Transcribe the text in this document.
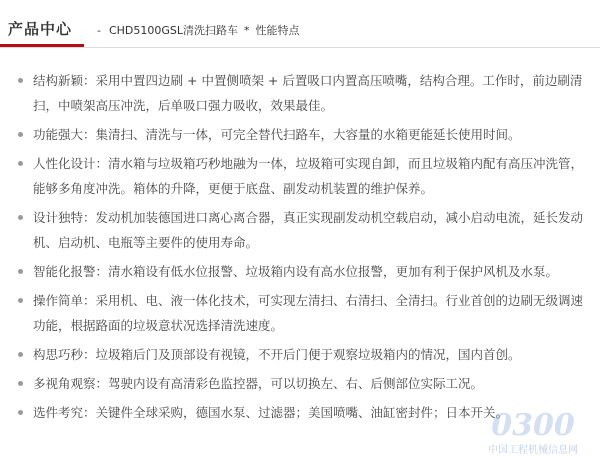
产品中心 - CHD5100GSL清洗扫路车 * 性能特点
结构新颖：采用中置四边刷 + 中置侧喷架 + 后置吸口内置高压喷嘴，结构合理。工作时，前边刷清扫，中喷架高压冲洗，后单吸口强力吸收，效果最佳。
功能强大：集清扫、清洗与一体，可完全替代扫路车，大容量的水箱更能延长使用时间。
人性化设计：清水箱与垃圾箱巧秒地融为一体，垃圾箱可实现自卸，而且垃圾箱内配有高压冲洗管，能够多角度冲洗。箱体的升降，更便于底盘、副发动机装置的维护保养。
设计独特：发动机加装德国进口离心离合器，真正实现副发动机空载启动，减小启动电流，延长发动机、启动机、电瓶等主要件的使用寿命。
智能化报警：清水箱设有低水位报警、垃圾箱内设有高水位报警，更加有利于保护风机及水泵。
操作简单：采用机、电、液一体化技术，可实现左清扫、右清扫、全清扫。行业首创的边刷无级调速功能，根据路面的垃圾意状况选择清洗速度。
构思巧秒：垃圾箱后门及顶部设有视镜，不开后门便于观察垃圾箱内的情况，国内首创。
多视角观察：驾驶内设有高清彩色监控器，可以切换左、右、后侧部位实际工况。
选件考究：关键件全球采购，德国水泵、过滤器；美国喷嘴、油缸密封件；日本开关。
0300
中国工程机械信息网
